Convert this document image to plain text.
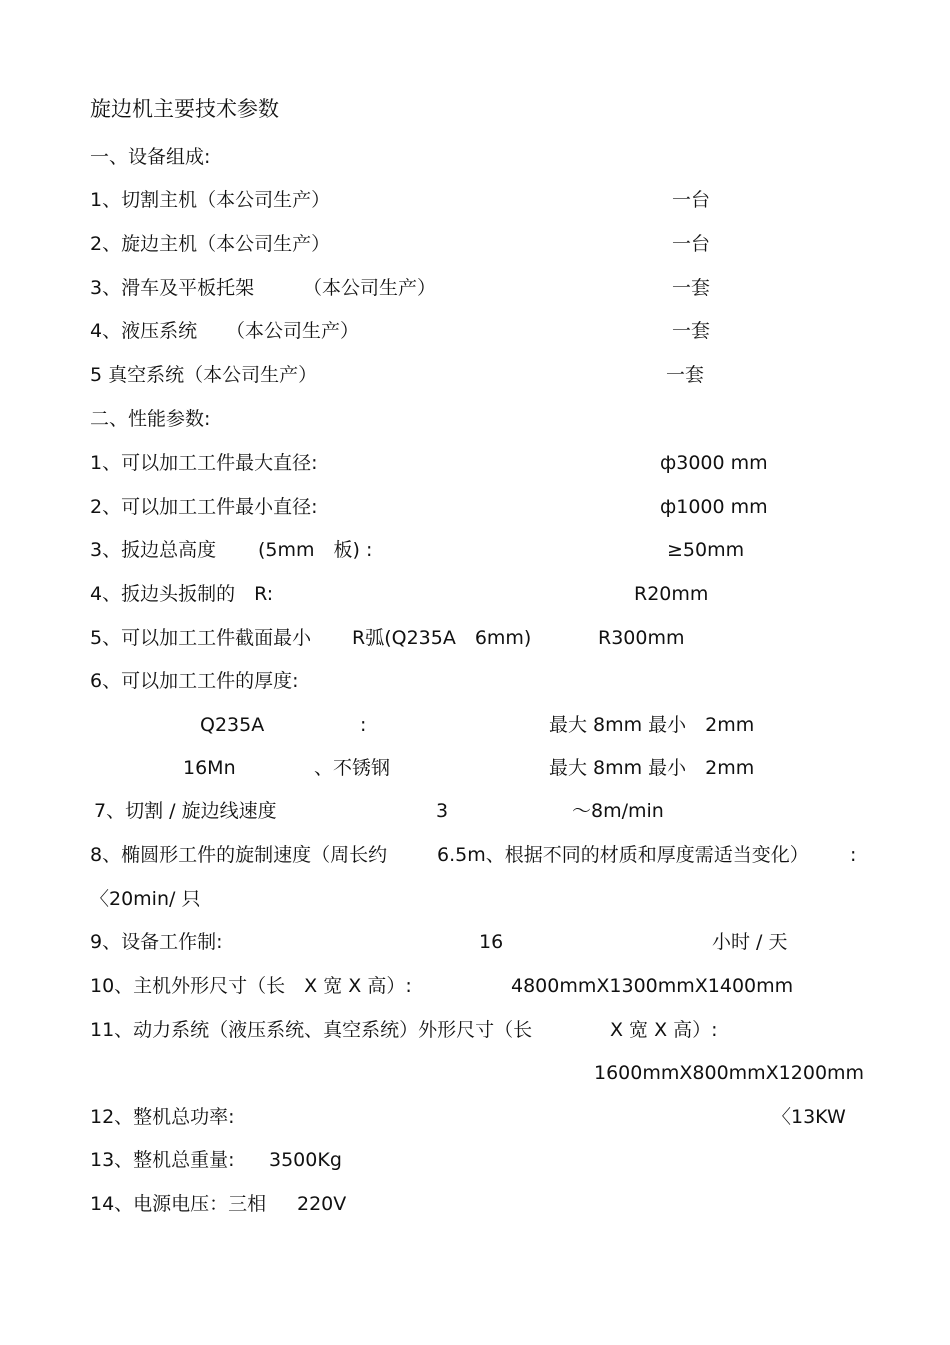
旋边机主要技术参数
一、设备组成:
1、切割主机（本公司生产）	一台
2、旋边主机（本公司生产）	一台
3、滑车及平板托架	（本公司生产）	一套
4、液压系统 （本公司生产）	一套
5 真空系统（本公司生产）	一套
二、性能参数:
1、可以加工工件最大直径:	ф3000 mm
2、可以加工工件最小直径:	ф1000 mm
3、扳边总高度 (5mm　板) :	≥50mm
4、扳边头扳制的　R:	R20mm
5、可以加工工件截面最小 R弧(Q235A　6mm)	R300mm
6、可以加工工件的厚度:
Q235A	:	最大 8mm 最小　2mm
16Mn	、不锈钢	最大 8mm 最小　2mm
7、切割 / 旋边线速度	3	～8m/min
8、椭圆形工件的旋制速度（周长约	6.5m、根据不同的材质和厚度需适当变化） :
〈20min/ 只
9、设备工作制:	16	小时 / 天
10、主机外形尺寸（长　X 宽 X 高）:	4800mmX1300mmX1400mm
11、动力系统（液压系统、真空系统）外形尺寸（长	X 宽 X 高）:
1600mmX800mmX1200mm
12、整机总功率:	〈13KW
13、整机总重量: 3500Kg
14、电源电压：三相 220V
